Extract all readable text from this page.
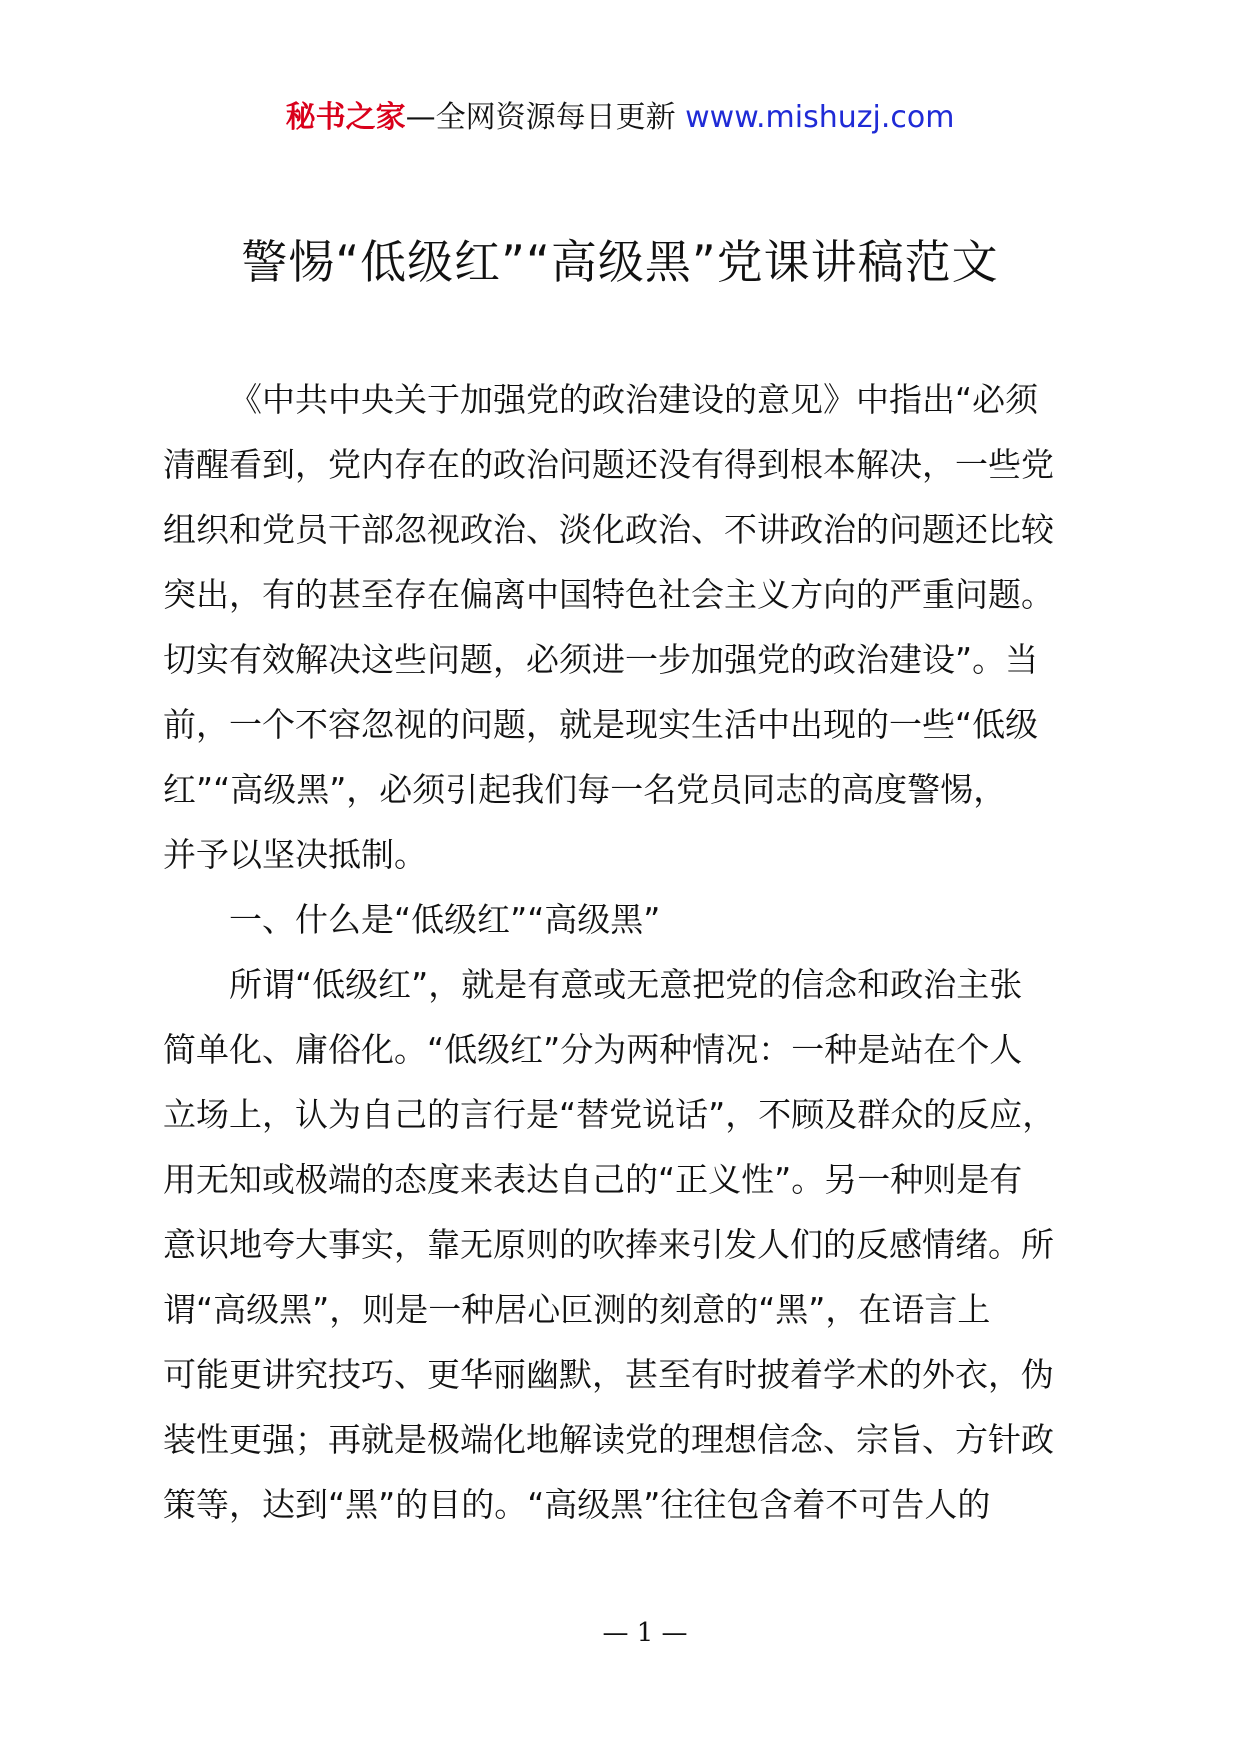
秘书之家—全网资源每日更新 www.mishuzj.com
警惕“低级红”“高级黑”党课讲稿范文
《中共中央关于加强党的政治建设的意见》中指出“必须
清醒看到，党内存在的政治问题还没有得到根本解决，一些党
组织和党员干部忽视政治、淡化政治、不讲政治的问题还比较
突出，有的甚至存在偏离中国特色社会主义方向的严重问题。
切实有效解决这些问题，必须进一步加强党的政治建设”。当
前，一个不容忽视的问题，就是现实生活中出现的一些“低级
红”“高级黑”，必须引起我们每一名党员同志的高度警惕，
并予以坚决抵制。
一、什么是“低级红”“高级黑”
所谓“低级红”，就是有意或无意把党的信念和政治主张
简单化、庸俗化。“低级红”分为两种情况：一种是站在个人
立场上，认为自己的言行是“替党说话”，不顾及群众的反应，
用无知或极端的态度来表达自己的“正义性”。另一种则是有
意识地夸大事实，靠无原则的吹捧来引发人们的反感情绪。所
谓“高级黑”，则是一种居心叵测的刻意的“黑”，在语言上
可能更讲究技巧、更华丽幽默，甚至有时披着学术的外衣，伪
装性更强；再就是极端化地解读党的理想信念、宗旨、方针政
策等，达到“黑”的目的。“高级黑”往往包含着不可告人的
— 1 —
